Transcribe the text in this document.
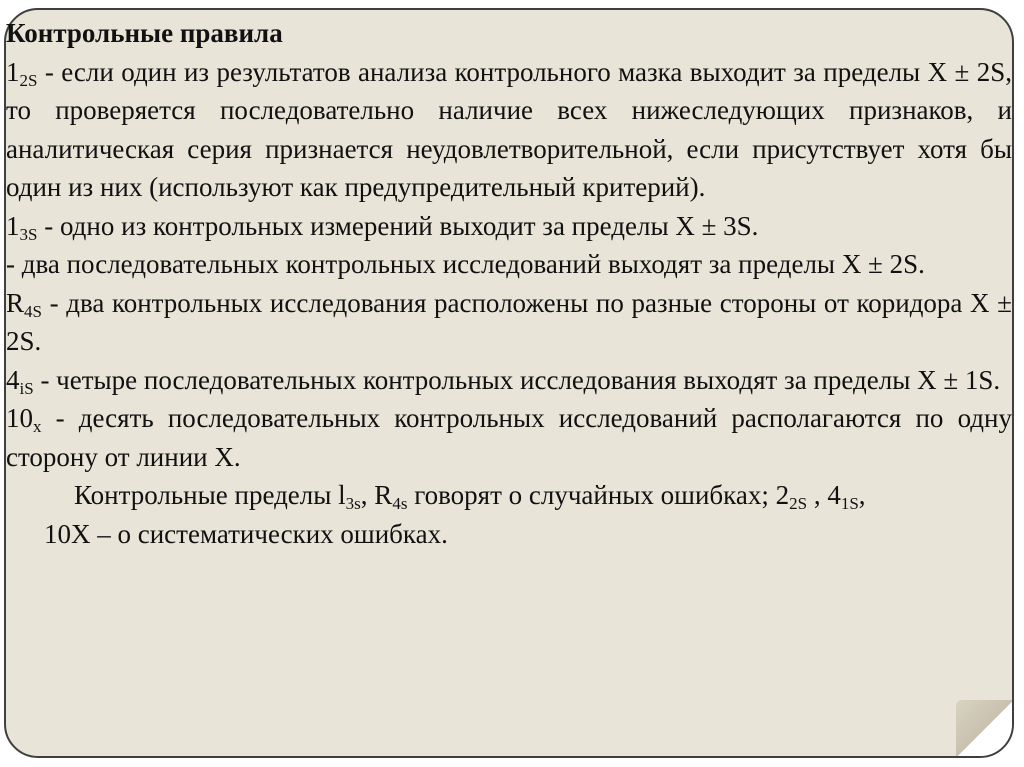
Контрольные правила
$1_{2S}$ - если один из результатов анализа контрольного мазка выходит за пределы Х ± 2S, то проверяется последовательно наличие всех нижеследующих признаков, и аналитическая серия признается неудовлетворительной, если присутствует хотя бы один из них (используют как предупредительный критерий).
$1_{3S}$ - одно из контрольных измерений выходит за пределы Х ± 3S.
- два последовательных контрольных исследований выходят за пределы Х ± 2S.
$R_{4S}$ - два контрольных исследования расположены по разные стороны от коридора Х ± 2S.
$4_{iS}$ - четыре последовательных контрольных исследования выходят за пределы Х ± 1S.
$10_x$ - десять последовательных контрольных исследований располагаются по одну сторону от линии Х.
Контрольные пределы $l_{3s}$, $R_{4s}$ говорят о случайных ошибках; $2_{2S}$ , $4_{1S}$,
10Х – о систематических ошибках.
